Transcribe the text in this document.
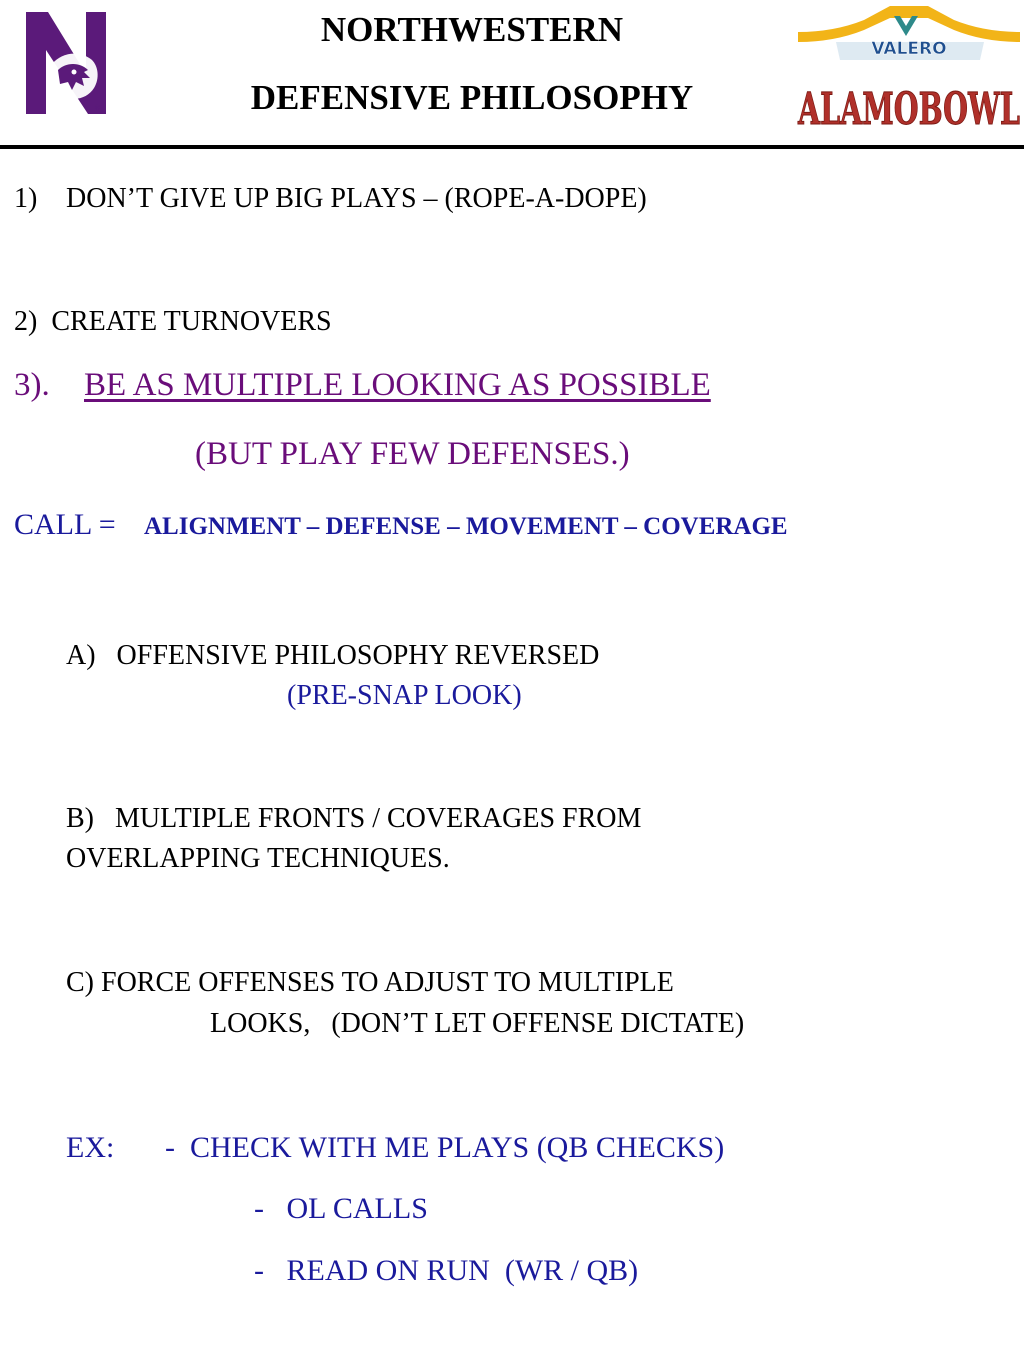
®
NORTHWESTERN
DEFENSIVE PHILOSOPHY
VALERO
ALAMOBOWL
1) DON’T GIVE UP BIG PLAYS – (ROPE-A-DOPE)
2)  CREATE TURNOVERS
3). BE AS MULTIPLE LOOKING AS POSSIBLE
(BUT PLAY FEW DEFENSES.)
CALL = ALIGNMENT – DEFENSE – MOVEMENT – COVERAGE
A)   OFFENSIVE PHILOSOPHY REVERSED
(PRE-SNAP LOOK)
B)   MULTIPLE FRONTS / COVERAGES FROM
OVERLAPPING TECHNIQUES.
C) FORCE OFFENSES TO ADJUST TO MULTIPLE
LOOKS,   (DON’T LET OFFENSE DICTATE)
EX: -  CHECK WITH ME PLAYS (QB CHECKS)
-   OL CALLS
-   READ ON RUN  (WR / QB)
